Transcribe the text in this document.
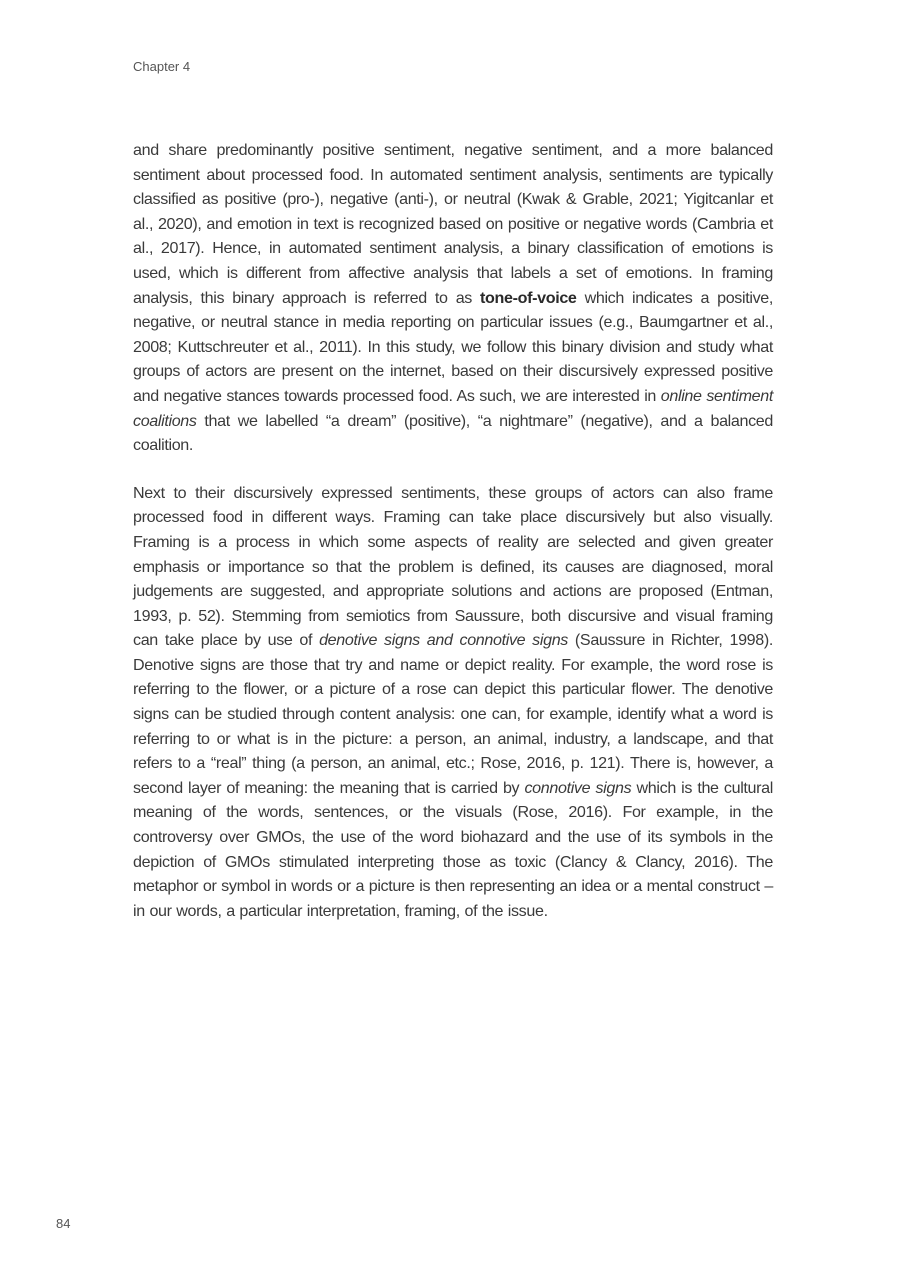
Chapter 4

and share predominantly positive sentiment, negative sentiment, and a more balanced sentiment about processed food. In automated sentiment analysis, sentiments are typically classified as positive (pro-), negative (anti-), or neutral (Kwak & Grable, 2021; Yigitcanlar et al., 2020), and emotion in text is recognized based on positive or negative words (Cambria et al., 2017). Hence, in automated sentiment analysis, a binary classification of emotions is used, which is different from affective analysis that labels a set of emotions. In framing analysis, this binary approach is referred to as tone-of-voice which indicates a positive, negative, or neutral stance in media reporting on particular issues (e.g., Baumgartner et al., 2008; Kuttschreuter et al., 2011). In this study, we follow this binary division and study what groups of actors are present on the internet, based on their discursively expressed positive and negative stances towards processed food. As such, we are interested in online sentiment coalitions that we labelled “a dream” (positive), “a nightmare” (negative), and a balanced coalition.

Next to their discursively expressed sentiments, these groups of actors can also frame processed food in different ways. Framing can take place discursively but also visually. Framing is a process in which some aspects of reality are selected and given greater emphasis or importance so that the problem is defined, its causes are diagnosed, moral judgements are suggested, and appropriate solutions and actions are proposed (Entman, 1993, p. 52). Stemming from semiotics from Saussure, both discursive and visual framing can take place by use of denotive signs and connotive signs (Saussure in Richter, 1998). Denotive signs are those that try and name or depict reality. For example, the word rose is referring to the flower, or a picture of a rose can depict this particular flower. The denotive signs can be studied through content analysis: one can, for example, identify what a word is referring to or what is in the picture: a person, an animal, industry, a landscape, and that refers to a “real” thing (a person, an animal, etc.; Rose, 2016, p. 121). There is, however, a second layer of meaning: the meaning that is carried by connotive signs which is the cultural meaning of the words, sentences, or the visuals (Rose, 2016). For example, in the controversy over GMOs, the use of the word biohazard and the use of its symbols in the depiction of GMOs stimulated interpreting those as toxic (Clancy & Clancy, 2016). The metaphor or symbol in words or a picture is then representing an idea or a mental construct – in our words, a particular interpretation, framing, of the issue.

84
